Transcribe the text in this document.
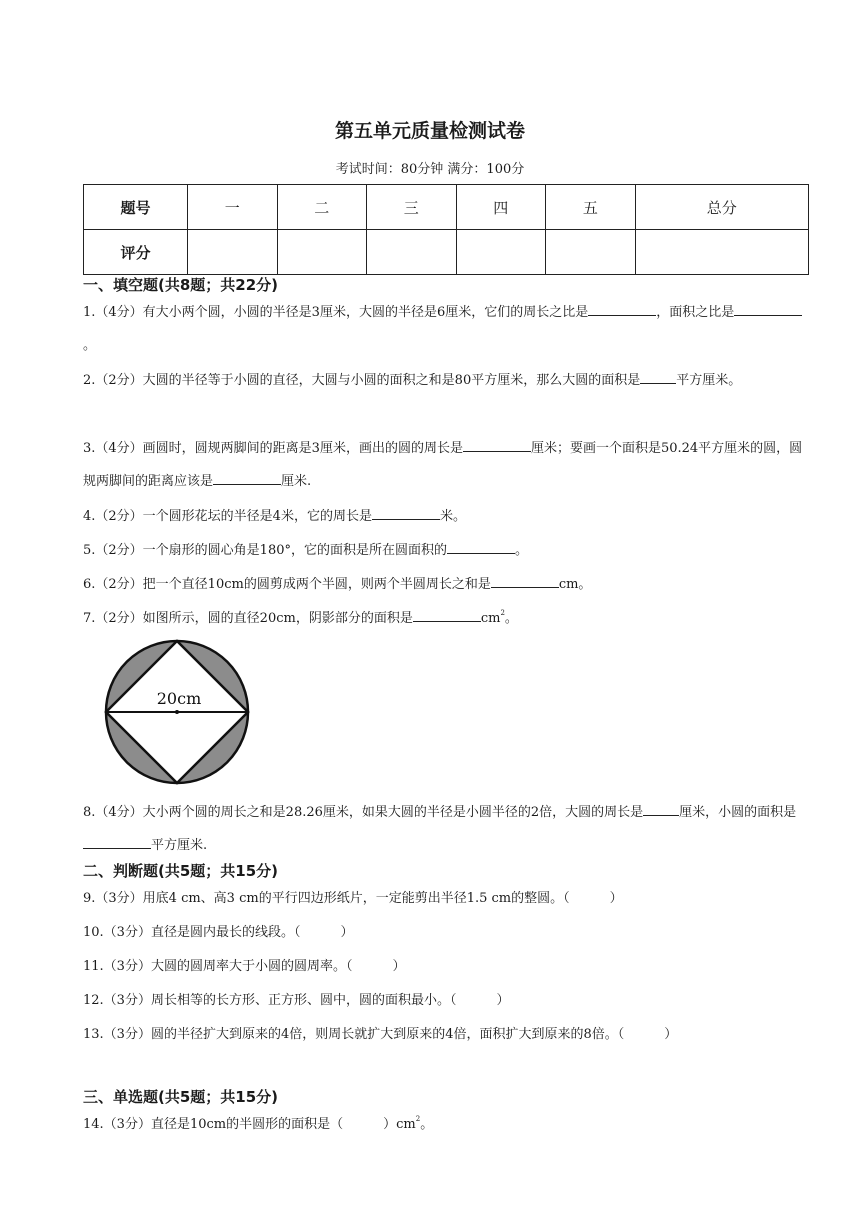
第五单元质量检测试卷
考试时间：80分钟 满分：100分
题号	一	二	三	四	五	总分
评分						
一、填空题(共8题；共22分)
1.（4分）有大小两个圆，小圆的半径是3厘米，大圆的半径是6厘米，它们的周长之比是	，面积之比是。
2.（2分）大圆的半径等于小圆的直径，大圆与小圆的面积之和是80平方厘米，那么大圆的面积是	平方厘米。
3.（4分）画圆时，圆规两脚间的距离是3厘米，画出的圆的周长是	厘米；要画一个面积是50.24平方厘米的圆，圆规两脚间的距离应该是	厘米.
4.（2分）一个圆形花坛的半径是4米，它的周长是	米。
5.（2分）一个扇形的圆心角是180°，它的面积是所在圆面积的	。
6.（2分）把一个直径10cm的圆剪成两个半圆，则两个半圆周长之和是	cm。
7.（2分）如图所示，圆的直径20cm，阴影部分的面积是	$cm^2$。
20cm
8.（4分）大小两个圆的周长之和是28.26厘米，如果大圆的半径是小圆半径的2倍，大圆的周长是	厘米，小圆的面积是平方厘米.
二、判断题(共5题；共15分)
9.（3分）用底4 cm、高3 cm的平行四边形纸片，一定能剪出半径1.5 cm的整圆。（	）
10.（3分）直径是圆内最长的线段。（	）
11.（3分）大圆的圆周率大于小圆的圆周率。（	）
12.（3分）周长相等的长方形、正方形、圆中，圆的面积最小。（	）
13.（3分）圆的半径扩大到原来的4倍，则周长就扩大到原来的4倍，面积扩大到原来的8倍。（	）
三、单选题(共5题；共15分)
14.（3分）直径是10cm的半圆形的面积是（	）$cm^2$。
